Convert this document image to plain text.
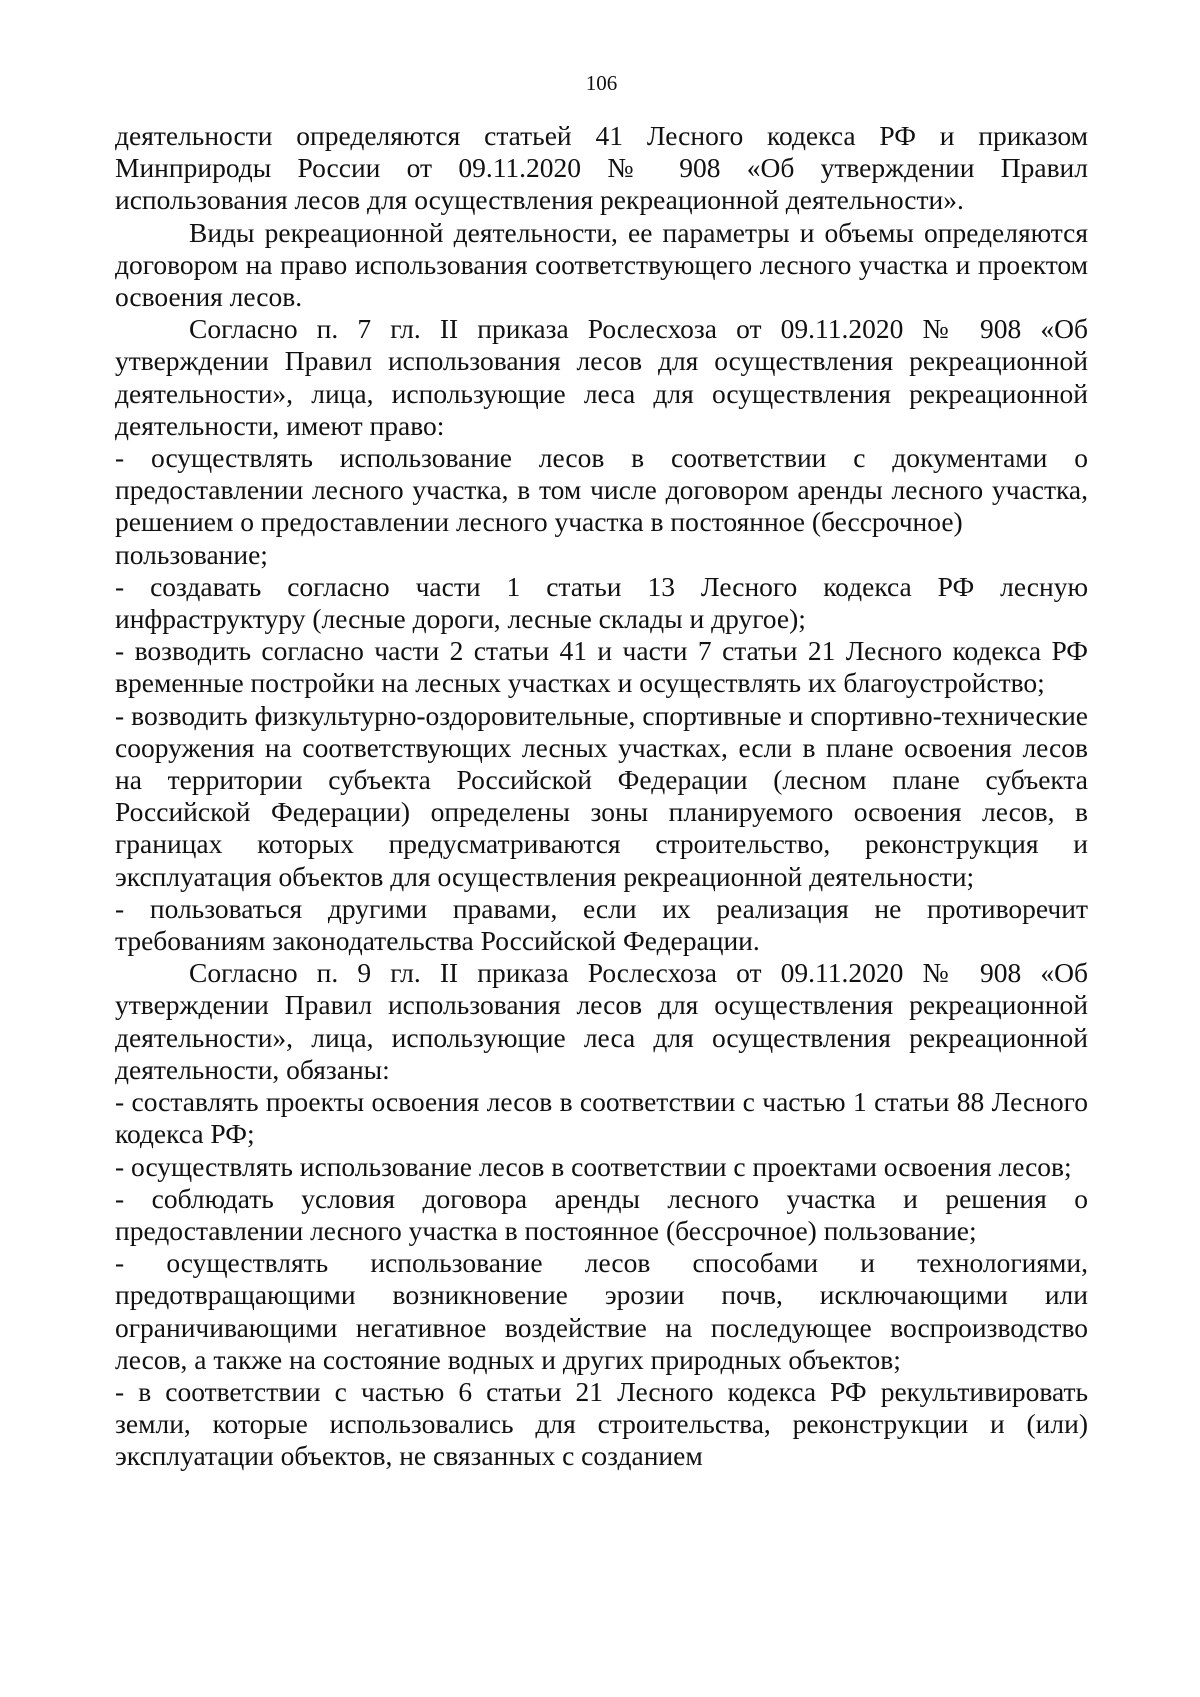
106

деятельности определяются статьей 41 Лесного кодекса РФ и приказом Минприроды России от 09.11.2020 № 908 «Об утверждении Правил использования лесов для осуществления рекреационной деятельности».

Виды рекреационной деятельности, ее параметры и объемы определяются договором на право использования соответствующего лесного участка и проектом освоения лесов.

Согласно п. 7 гл. II приказа Рослесхоза от 09.11.2020 № 908 «Об утверждении Правил использования лесов для осуществления рекреационной деятельности», лица, использующие леса для осуществления рекреационной деятельности, имеют право:

- осуществлять использование лесов в соответствии с документами о предоставлении лесного участка, в том числе договором аренды лесного участка, решением о предоставлении лесного участка в постоянное (бессрочное)

пользование;

- создавать согласно части 1 статьи 13 Лесного кодекса РФ лесную инфраструктуру (лесные дороги, лесные склады и другое);

- возводить согласно части 2 статьи 41 и части 7 статьи 21 Лесного кодекса РФ временные постройки на лесных участках и осуществлять их благоустройство;

- возводить физкультурно-оздоровительные, спортивные и спортивно-технические сооружения на соответствующих лесных участках, если в плане освоения лесов на территории субъекта Российской Федерации (лесном плане субъекта Российской Федерации) определены зоны планируемого освоения лесов, в границах которых предусматриваются строительство, реконструкция и эксплуатация объектов для осуществления рекреационной деятельности;

- пользоваться другими правами, если их реализация не противоречит требованиям законодательства Российской Федерации.

Согласно п. 9 гл. II приказа Рослесхоза от 09.11.2020 № 908 «Об утверждении Правил использования лесов для осуществления рекреационной деятельности», лица, использующие леса для осуществления рекреационной деятельности, обязаны:

- составлять проекты освоения лесов в соответствии с частью 1 статьи 88 Лесного кодекса РФ;

- осуществлять использование лесов в соответствии с проектами освоения лесов;

- соблюдать условия договора аренды лесного участка и решения о предоставлении лесного участка в постоянное (бессрочное) пользование;

- осуществлять использование лесов способами и технологиями, предотвращающими возникновение эрозии почв, исключающими или ограничивающими негативное воздействие на последующее воспроизводство лесов, а также на состояние водных и других природных объектов;

- в соответствии с частью 6 статьи 21 Лесного кодекса РФ рекультивировать земли, которые использовались для строительства, реконструкции и (или) эксплуатации объектов, не связанных с созданием
